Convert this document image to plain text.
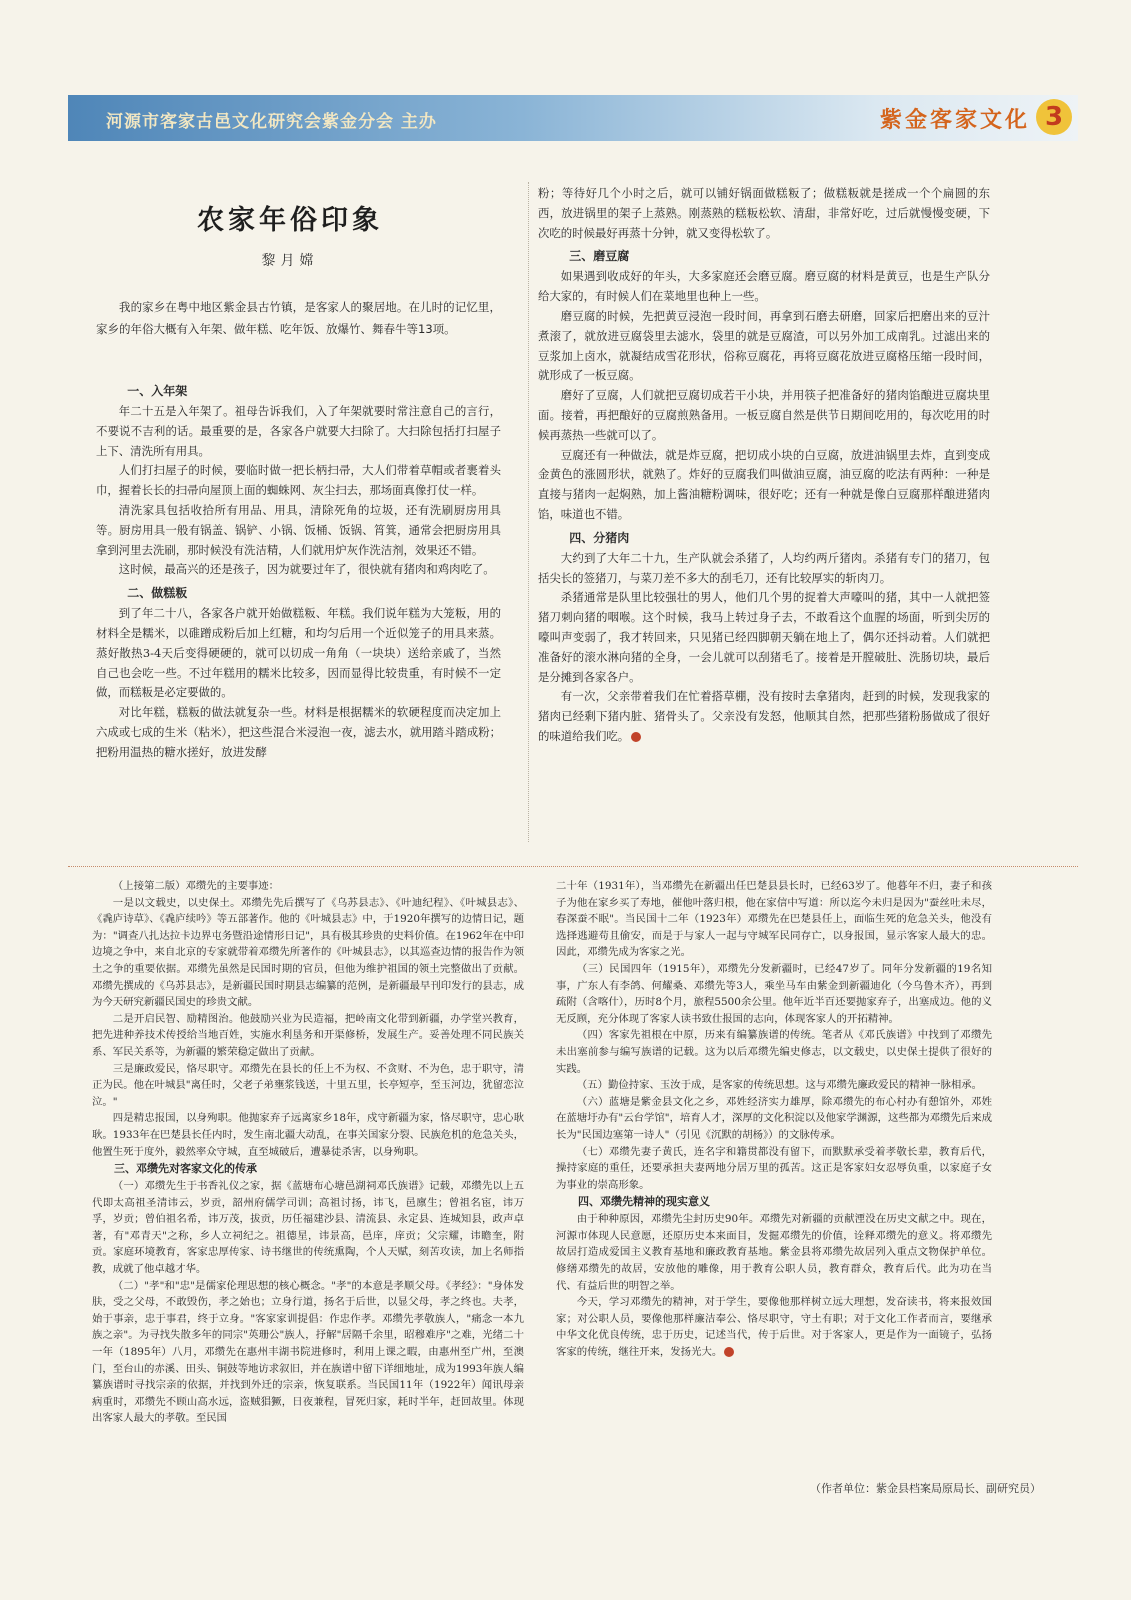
河源市客家古邑文化研究会紫金分会 主办	紫金客家文化 3
农家年俗印象
黎月嫦

我的家乡在粤中地区紫金县古竹镇，是客家人的聚居地。在儿时的记忆里，家乡的年俗大概有入年架、做年糕、吃年饭、放爆竹、舞春牛等13项。

一、入年架

年二十五是入年架了。祖母告诉我们，入了年架就要时常注意自己的言行，不要说不吉利的话。最重要的是，各家各户就要大扫除了。大扫除包括打扫屋子上下、清洗所有用具。

人们打扫屋子的时候，要临时做一把长柄扫帚，大人们带着草帽或者裹着头巾，握着长长的扫帚向屋顶上面的蜘蛛网、灰尘扫去，那场面真像打仗一样。

清洗家具包括收拾所有用品、用具，清除死角的垃圾，还有洗刷厨房用具等。厨房用具一般有锅盖、锅铲、小锅、饭桶、饭锅、筲箕，通常会把厨房用具拿到河里去洗刷，那时候没有洗洁精，人们就用炉灰作洗洁剂，效果还不错。

这时候，最高兴的还是孩子，因为就要过年了，很快就有猪肉和鸡肉吃了。

二、做糕粄

到了年二十八，各家各户就开始做糕粄、年糕。我们说年糕为大笼粄，用的材料全是糯米，以碓蹭成粉后加上红糖，和均匀后用一个近似笼子的用具来蒸。蒸好散热3-4天后变得硬硬的，就可以切成一角角（一块块）送给亲戚了，当然自己也会吃一些。不过年糕用的糯米比较多，因而显得比较贵重，有时候不一定做，而糕粄是必定要做的。

对比年糕，糕粄的做法就复杂一些。材料是根据糯米的软硬程度而决定加上六成或七成的生米（粘米），把这些混合米浸泡一夜，滤去水，就用踏斗踏成粉；把粉用温热的糖水搓好，放进发酵

粉；等待好几个小时之后，就可以铺好锅面做糕粄了；做糕粄就是搓成一个个扁圆的东西，放进锅里的架子上蒸熟。刚蒸熟的糕粄松软、清甜，非常好吃，过后就慢慢变硬，下次吃的时候最好再蒸十分钟，就又变得松软了。

三、磨豆腐

如果遇到收成好的年头，大多家庭还会磨豆腐。磨豆腐的材料是黄豆，也是生产队分给大家的，有时候人们在菜地里也种上一些。

磨豆腐的时候，先把黄豆浸泡一段时间，再拿到石磨去研磨，回家后把磨出来的豆汁煮滚了，就放进豆腐袋里去滤水，袋里的就是豆腐渣，可以另外加工成南乳。过滤出来的豆浆加上卤水，就凝结成雪花形状，俗称豆腐花，再将豆腐花放进豆腐格压缩一段时间，就形成了一板豆腐。

磨好了豆腐，人们就把豆腐切成若干小块，并用筷子把准备好的猪肉馅酿进豆腐块里面。接着，再把酿好的豆腐煎熟备用。一板豆腐自然是供节日期间吃用的，每次吃用的时候再蒸热一些就可以了。

豆腐还有一种做法，就是炸豆腐，把切成小块的白豆腐，放进油锅里去炸，直到变成金黄色的涨圆形状，就熟了。炸好的豆腐我们叫做油豆腐，油豆腐的吃法有两种：一种是直接与猪肉一起焖熟，加上酱油糖粉调味，很好吃；还有一种就是像白豆腐那样酿进猪肉馅，味道也不错。

四、分猪肉

大约到了大年二十九，生产队就会杀猪了，人均约两斤猪肉。杀猪有专门的猪刀，包括尖长的签猪刀，与菜刀差不多大的刮毛刀，还有比较厚实的斩肉刀。

杀猪通常是队里比较强壮的男人，他们几个男的捉着大声嚎叫的猪，其中一人就把签猪刀刺向猪的咽喉。这个时候，我马上转过身子去，不敢看这个血腥的场面，听到尖厉的嚎叫声变弱了，我才转回来，只见猪已经四脚朝天躺在地上了，偶尔还抖动着。人们就把准备好的滚水淋向猪的全身，一会儿就可以刮猪毛了。接着是开膛破肚、洗肠切块，最后是分摊到各家各户。

有一次，父亲带着我们在忙着搭草棚，没有按时去拿猪肉，赶到的时候，发现我家的猪肉已经剩下猪内脏、猪骨头了。父亲没有发怒，他顺其自然，把那些猪粉肠做成了很好的味道给我们吃。

（上接第二版）邓缵先的主要事迹：

一是以文载史，以史保土。邓缵先先后撰写了《乌苏县志》、《叶迪纪程》、《叶城县志》、《毳庐诗草》、《毳庐续吟》等五部著作。他的《叶城县志》中，于1920年撰写的边情日记，题为："调查八扎达拉卡边界屯务暨沿途情形日记"，具有极其珍贵的史料价值。在1962年在中印边境之争中，来自北京的专家就带着邓缵先所著作的《叶城县志》，以其巡查边情的报告作为领土之争的重要依据。邓缵先虽然是民国时期的官员，但他为维护祖国的领土完整做出了贡献。邓缵先撰成的《乌苏县志》，是新疆民国时期县志编纂的范例，是新疆最早刊印发行的县志，成为今天研究新疆民国史的珍贵文献。

二是开启民智、励精图治。他鼓励兴业为民造福，把岭南文化带到新疆，办学堂兴教育，把先进种养技术传授给当地百姓，实施水利垦务和开渠修桥，发展生产。妥善处理不同民族关系、军民关系等，为新疆的繁荣稳定做出了贡献。

三是廉政爱民，恪尽职守。邓缵先在县长的任上不为权、不贪财、不为色，忠于职守，清正为民。他在叶城县"离任时，父老子弟壅浆钱送，十里五里，长亭短亭，至玉河边，犹留恋泣泣。"

四是精忠报国，以身殉职。他抛家弃子远离家乡18年，戍守新疆为家，恪尽职守，忠心耿耿。1933年在巴楚县长任内时，发生南北疆大动乱，在事关国家分裂、民族危机的危急关头，他置生死于度外，毅然率众守城，直至城破后，遭暴徒杀害，以身殉职。

三、邓缵先对客家文化的传承

（一）邓缵先生于书香礼仪之家，据《蓝塘布心塘邑湖祠邓氏族谱》记载，邓缵先以上五代即太高祖圣清讳云，岁贡，韶州府儒学司训；高祖讨扬，讳飞，邑廪生；曾祖名宦，讳万孚，岁贡；曾伯祖名希，讳万茂，拔贡，历任福建沙县、清流县、永定县、连城知县，政声卓著，有"邓青天"之称，乡人立祠纪之。祖德星，讳景高，邑庠，庠贡；父宗耀，讳瞻奎，附贡。家庭环境教育，客家忠厚传家、诗书继世的传统熏陶，个人天赋，刻苦攻读，加上名师指教，成就了他卓越才华。

（二）"孝"和"忠"是儒家伦理思想的核心概念。"孝"的本意是孝顺父母。《孝经》："身体发肤，受之父母，不敢毁伤，孝之始也；立身行道，扬名于后世，以显父母，孝之终也。夫孝，始于事亲，忠于事君，终于立身。"客家家训提倡：作忠作孝。邓缵先孝敬族人，"痛念一本九族之亲"。为寻找失散多年的同宗"英珊公"族人，抒解"居隔千余里，昭穆难序"之难，光绪二十一年（1895年）八月，邓缵先在惠州丰湖书院进修时，利用上课之暇，由惠州至广州，至澳门，至台山的赤溪、田头、铜鼓等地访求叙旧，并在族谱中留下详细地址，成为1993年族人编纂族谱时寻找宗亲的依据，并找到外迁的宗亲，恢复联系。当民国11年（1922年）闻讯母亲病重时，邓缵先不顾山高水远，盗贼猖獗，日夜兼程，冒死归家，耗时半年，赶回故里。体现出客家人最大的孝敬。至民国

二十年（1931年），当邓缵先在新疆出任巴楚县县长时，已经63岁了。他暮年不归，妻子和孩子为他在家乡买了寿地，催他叶落归根，他在家信中写道：所以迄今未归是因为"蚕丝吐未尽，春深蚕不眠"。当民国十二年（1923年）邓缵先在巴楚县任上，面临生死的危急关头，他没有选择逃避苟且偷安，而是于与家人一起与守城军民同存亡，以身报国，显示客家人最大的忠。因此，邓缵先成为客家之光。

（三）民国四年（1915年），邓缵先分发新疆时，已经47岁了。同年分发新疆的19名知事，广东人有李鸽、何耀桑、邓缵先等3人，乘坐马车由紫金到新疆迪化（今乌鲁木齐），再到疏附（含喀什），历时8个月，旅程5500余公里。他年近半百还要抛家弃子，出塞成边。他的义无反顾，充分体现了客家人读书致仕报国的志向，体现客家人的开拓精神。

（四）客家先祖根在中原，历来有编纂族谱的传统。笔者从《邓氏族谱》中找到了邓缵先未出塞前参与编写族谱的记载。这为以后邓缵先编史修志，以文载史，以史保土提供了很好的实践。

（五）勤俭持家、玉汝于成，是客家的传统思想。这与邓缵先廉政爱民的精神一脉相承。

（六）蓝塘是紫金县文化之乡，邓姓经济实力雄厚，除邓缵先的布心村办有憩馆外，邓姓在蓝塘圩办有"云台学馆"，培育人才，深厚的文化积淀以及他家学渊源，这些都为邓缵先后来成长为"民国边塞第一诗人"（引见《沉默的胡杨》）的文脉传承。

（七）邓缵先妻子黄氏，连名字和籍贯都没有留下，而默默承受着孝敬长辈，教育后代，操持家庭的重任，还要承担夫妻两地分居万里的孤苦。这正是客家妇女忍辱负重，以家庭子女为事业的崇高形象。

四、邓缵先精神的现实意义

由于种种原因，邓缵先尘封历史90年。邓缵先对新疆的贡献湮没在历史文献之中。现在，河源市体现人民意愿，还原历史本来面目，发掘邓缵先的价值，诠释邓缵先的意义。将邓缵先故居打造成爱国主义教育基地和廉政教育基地。紫金县将邓缵先故居列入重点文物保护单位。修缮邓缵先的故居，安放他的雕像，用于教育公职人员，教育群众，教育后代。此为功在当代、有益后世的明智之举。

今天，学习邓缵先的精神，对于学生，要像他那样树立远大理想，发奋读书，将来报效国家；对公职人员，要像他那样廉洁奉公、恪尽职守，守土有职；对于文化工作者而言，要继承中华文化优良传统，忠于历史，记述当代，传于后世。对于客家人，更是作为一面镜子，弘扬客家的传统，继往开来，发扬光大。

（作者单位：紫金县档案局原局长、副研究员）
